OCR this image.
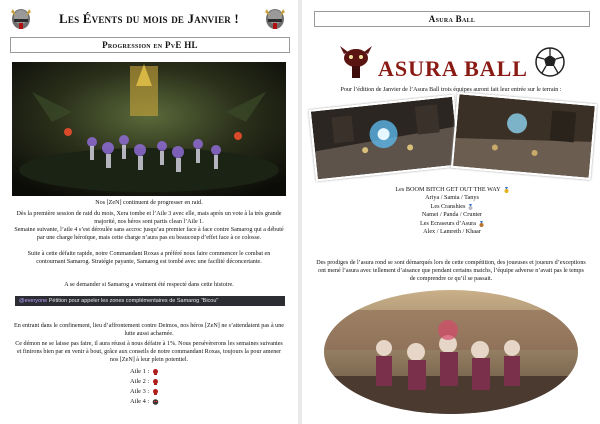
Les Évents du mois de Janvier !
Progression en PvE HL
Nos [ZeN] continuent de progresser en raid.
Dès la première session de raid du mois, Xera tombe et l’Aile 3 avec elle, mais après un vote à la très grande majorité, nos héros sont partis clean l’Aile 1.
Semaine suivante, l’aile 4 s’est déroulée sans accroc jusqu’au premier face à face contre Samarog qui a débuté par une charge héroïque, mais cette charge n’aura pas eu beaucoup d’effet face à ce colosse.
Suite à cette défaite rapide, notre Commandant Roxas a préféré nous faire commencer le combat en contournant Samarog. Stratégie payante, Samarog est tombé avec une facilité déconcertante.
A se demander si Samarog a vraiment été respecté dans cette histoire.
@everyone Pétition pour appeler les zones complémentaires de Samarog "Bicou"
En entrant dans le confinement, lieu d’affrontement contre Deimos, nos héros [ZeN] ne s’attendaient pas à une lutte aussi acharnée.
Ce démon ne se laisse pas faire, il aura réussi à nous défaire à 1%. Nous persévèrerons les semaines suivantes et finirons bien par en venir à bout, grâce aux conseils de notre commandant Roxas, toujours la pour amener nos [ZeN] à leur plein potentiel.
Aile 1 :
Aile 2 :
Aile 3 :
Aile 4 :
Asura Ball
ASURA BALL
Pour l’édition de Janvier de l’Asura Ball trois équipes auront fait leur entrée sur le terrain :
Les BOOM BITCH GET OUT THE WAY
Ariya / Samia / Tanys
Les Cranshies
Namei / Panda / Crunter
Les Ecraseurs d’Asura
Alex / Lamreth / Khaar
Des prodiges de l’asura rond se sont démarqués lors de cette compétition, des joueuses et joueurs d’exceptions ont mené l’asura avec tellement d’aisance que pendant certains matchs, l’équipe adverse n’avait pas le temps de comprendre ce qu’il se passait.
